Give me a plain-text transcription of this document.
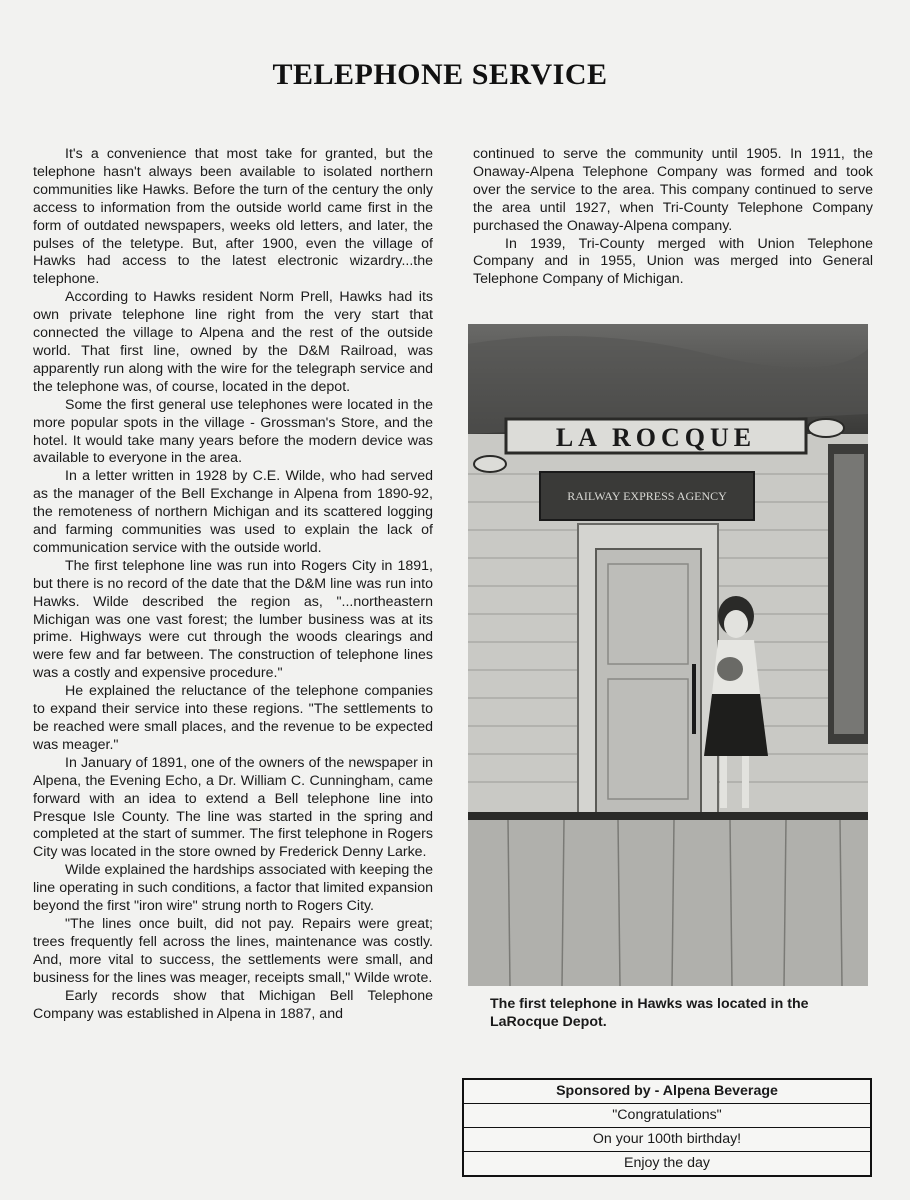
TELEPHONE SERVICE

It's a convenience that most take for granted, but the telephone hasn't always been available to isolated northern communities like Hawks. Before the turn of the century the only access to information from the outside world came first in the form of outdated newspapers, weeks old letters, and later, the pulses of the teletype. But, after 1900, even the village of Hawks had access to the latest electronic wizardry...the telephone.

According to Hawks resident Norm Prell, Hawks had its own private telephone line right from the very start that connected the village to Alpena and the rest of the outside world. That first line, owned by the D&M Railroad, was apparently run along with the wire for the telegraph service and the telephone was, of course, located in the depot.

Some the first general use telephones were located in the more popular spots in the village - Grossman's Store, and the hotel. It would take many years before the modern device was available to everyone in the area.

In a letter written in 1928 by C.E. Wilde, who had served as the manager of the Bell Exchange in Alpena from 1890-92, the remoteness of northern Michigan and its scattered logging and farming communities was used to explain the lack of communication service with the outside world.

The first telephone line was run into Rogers City in 1891, but there is no record of the date that the D&M line was run into Hawks. Wilde described the region as, "...northeastern Michigan was one vast forest; the lumber business was at its prime. Highways were cut through the woods clearings and were few and far between. The construction of telephone lines was a costly and expensive procedure."

He explained the reluctance of the telephone companies to expand their service into these regions. "The settlements to be reached were small places, and the revenue to be expected was meager."

In January of 1891, one of the owners of the newspaper in Alpena, the Evening Echo, a Dr. William C. Cunningham, came forward with an idea to extend a Bell telephone line into Presque Isle County. The line was started in the spring and completed at the start of summer. The first telephone in Rogers City was located in the store owned by Frederick Denny Larke.

Wilde explained the hardships associated with keeping the line operating in such conditions, a factor that limited expansion beyond the first "iron wire" strung north to Rogers City.

"The lines once built, did not pay. Repairs were great; trees frequently fell across the lines, maintenance was costly. And, more vital to success, the settlements were small, and business for the lines was meager, receipts small," Wilde wrote.

Early records show that Michigan Bell Telephone Company was established in Alpena in 1887, and

continued to serve the community until 1905. In 1911, the Onaway-Alpena Telephone Company was formed and took over the service to the area. This company continued to serve the area until 1927, when Tri-County Telephone Company purchased the Onaway-Alpena company.

In 1939, Tri-County merged with Union Telephone Company and in 1955, Union was merged into General Telephone Company of Michigan.

LA ROCQUE
RAILWAY EXPRESS AGENCY
The first telephone in Hawks was located in the LaRocque Depot.
Sponsored by - Alpena Beverage
"Congratulations"
On your 100th birthday!
Enjoy the day
